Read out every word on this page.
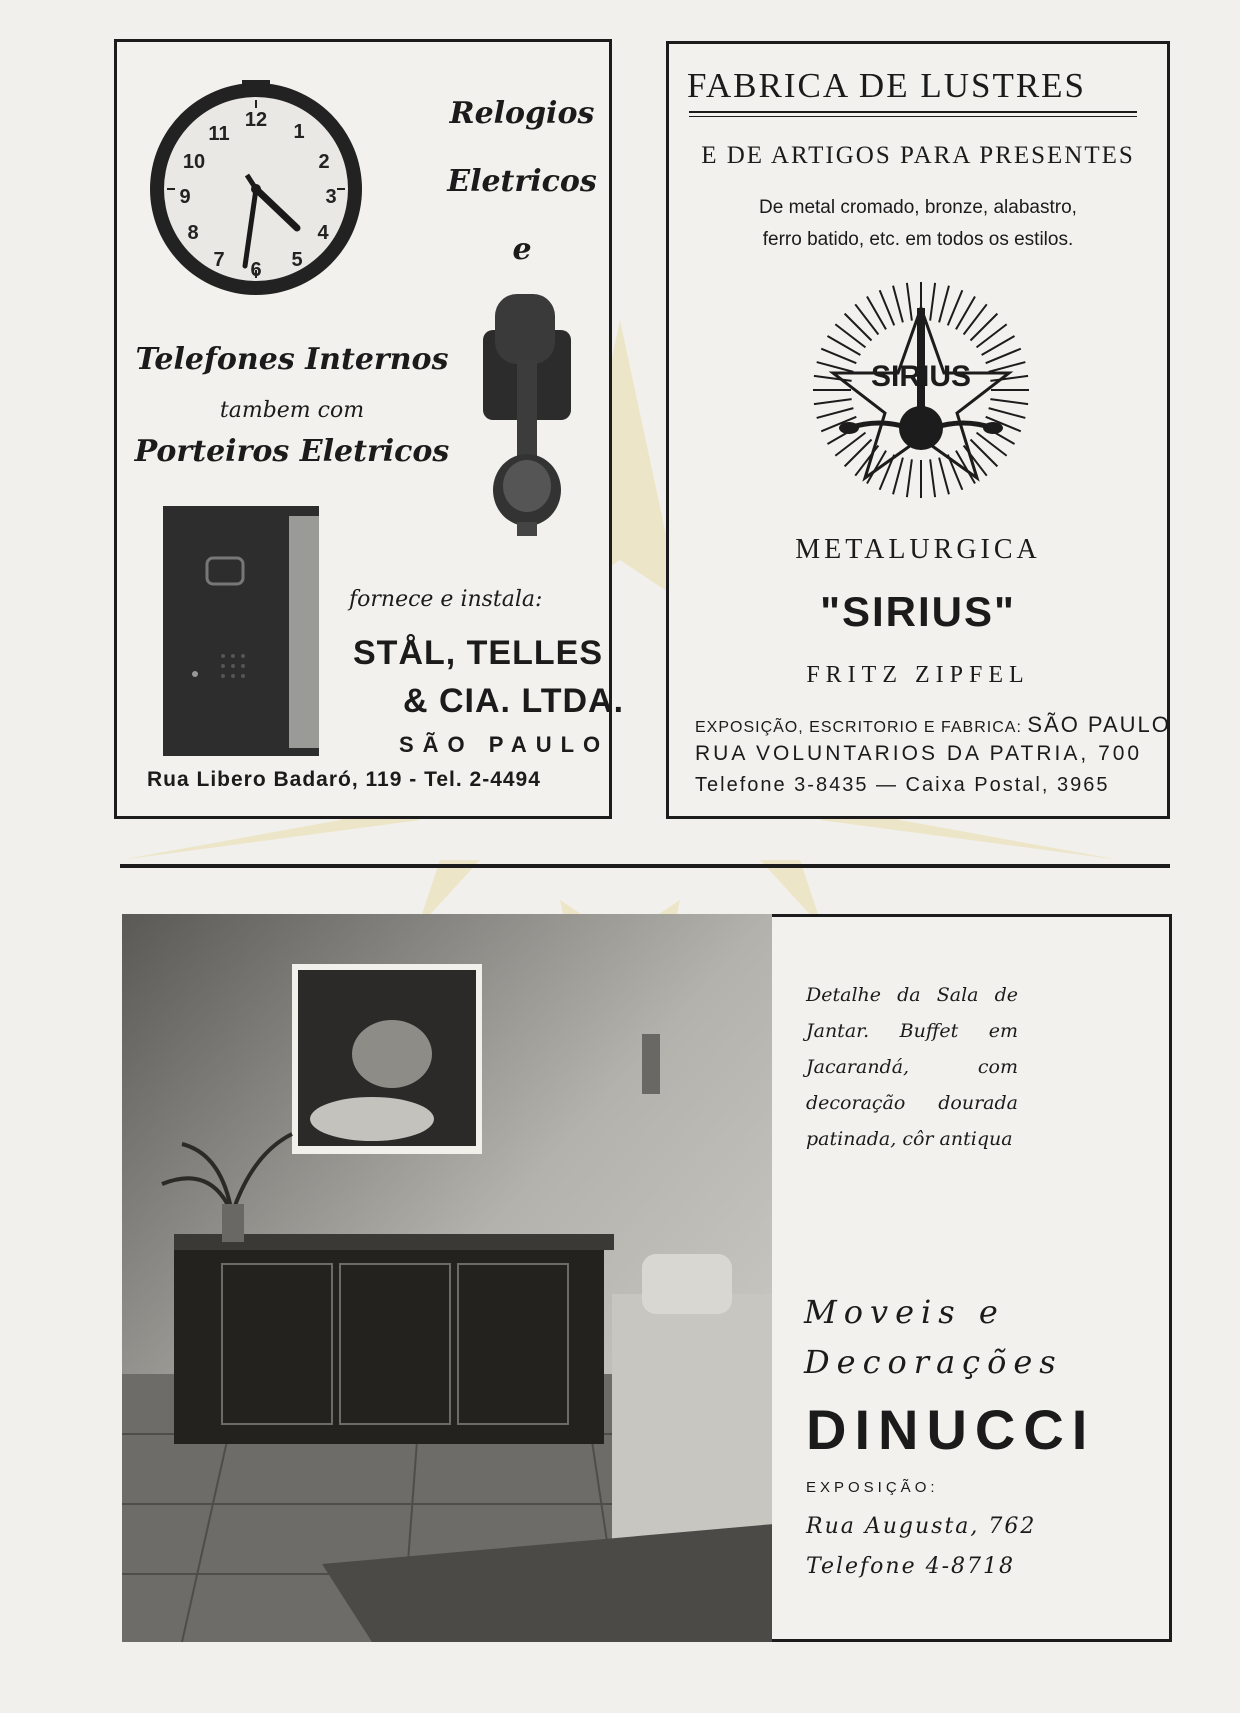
12
1
2
3
4
5
6
7
8
9
10
11
Relogios
Eletricos
e
Telefones Internos
tambem com
Porteiros Eletricos
fornece e instala:
STÅL, TELLES
& CIA. LTDA.
SÃO PAULO
Rua Libero Badaró, 119 - Tel. 2-4494
FABRICA DE LUSTRES
E DE ARTIGOS PARA PRESENTES
De metal cromado, bronze, alabastro,
ferro batido, etc. em todos os estilos.
SIRIUS
METALURGICA
"SIRIUS"
FRITZ ZIPFEL
EXPOSIÇÃO, ESCRITORIO E FABRICA: SÃO PAULO
RUA VOLUNTARIOS DA PATRIA, 700
Telefone 3-8435 — Caixa Postal, 3965
Detalhe da Sala de Jantar. Buffet em Jacarandá, com decoração dourada patinada, côr antiqua
Moveis e
Decorações
DINUCCI
EXPOSIÇÃO:
Rua Augusta, 762
Telefone 4-8718
